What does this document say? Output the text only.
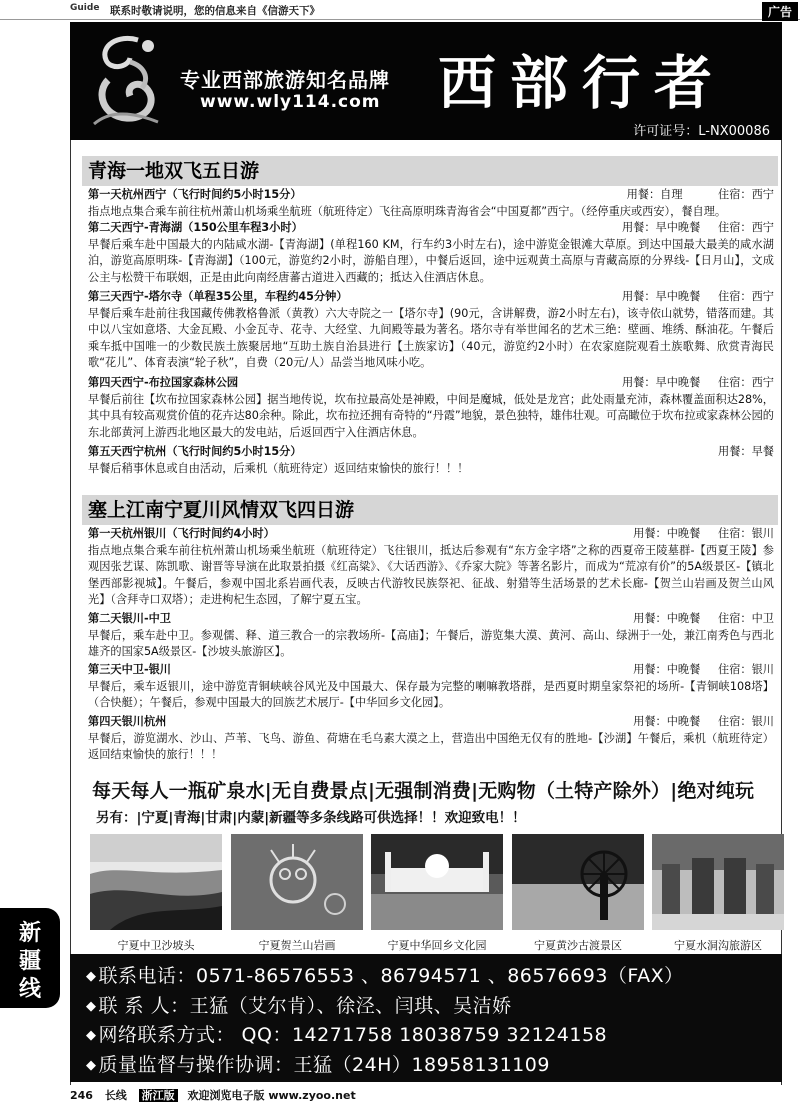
Guide 联系时敬请说明，您的信息来自《信游天下》	广告
专业西部旅游知名品牌
www.wly114.com 西部行者
许可证号：L-NX00086
青海一地双飞五日游
第一天杭州西宁（飞行时间约5小时15分）	用餐：自理          住宿：西宁
指点地点集合乘车前往杭州萧山机场乘坐航班（航班待定）飞往高原明珠青海省会“中国夏都”西宁。（经停重庆或西安），餐自理。
第二天西宁-青海湖（150公里车程3小时）	用餐：早中晚餐     住宿：西宁
早餐后乘车赴中国最大的内陆咸水湖-【青海湖】(单程160 KM，行车约3小时左右)，途中游览金银滩大草原。到达中国最大最美的咸水湖泊，游览高原明珠-【青海湖】（100元，游览约2小时，游船自理），中餐后返回，途中远观黄土高原与青藏高原的分界线-【日月山】，文成公主与松赞干布联姻，正是由此向南经唐蕃古道进入西藏的；抵达入住酒店休息。
第三天西宁-塔尔寺（单程35公里，车程约45分钟）	用餐：早中晚餐     住宿：西宁
早餐后乘车赴前往我国藏传佛教格鲁派（黄教）六大寺院之一【塔尔寺】(90元，含讲解费，游2小时左右)，该寺依山就势，错落而建。其中以八宝如意塔、大金瓦殿、小金瓦寺、花寺、大经堂、九间殿等最为著名。塔尔寺有举世闻名的艺术三绝：壁画、堆绣、酥油花。午餐后乘车抵中国唯一的少数民族土族聚居地“互助土族自治县进行【土族家访】（40元，游览约2小时）在农家庭院观看土族歌舞、欣赏青海民歌“花儿”、体育表演“轮子秋”，自费（20元/人）品尝当地风味小吃。
第四天西宁-布拉国家森林公园	用餐：早中晚餐     住宿：西宁
早餐后前往【坎布拉国家森林公园】据当地传说，坎布拉最高处是神殿，中间是魔城，低处是龙宫；此处雨量充沛，森林覆盖面积达28%，其中具有较高观赏价值的花卉达80余种。除此，坎布拉还拥有奇特的“丹霞”地貌，景色独特，雄伟壮观。可高瞰位于坎布拉或家森林公园的东北部黄河上游西北地区最大的发电站，后返回西宁入住酒店休息。
第五天西宁杭州（飞行时间约5小时15分）	用餐：早餐
早餐后稍事休息或自由活动，后乘机（航班待定）返回结束愉快的旅行！！！
塞上江南宁夏川风情双飞四日游
第一天杭州银川（飞行时间约4小时）	用餐：中晚餐     住宿：银川
指点地点集合乘车前往杭州萧山机场乘坐航班（航班待定）飞往银川，抵达后参观有“东方金字塔”之称的西夏帝王陵墓群-【西夏王陵】参观因张艺谋、陈凯歌、谢晋等导演在此取景拍摄《红高粱》、《大话西游》、《乔家大院》等著名影片，而成为“荒凉有价”的5A级景区-【镇北堡西部影视城】。午餐后，参观中国北系岩画代表，反映古代游牧民族祭祀、征战、射猎等生活场景的艺术长廊-【贺兰山岩画及贺兰山风光】（含拜寺口双塔）；走进枸杞生态园，了解宁夏五宝。
第二天银川-中卫	用餐：中晚餐     住宿：中卫
早餐后，乘车赴中卫。参观儒、释、道三教合一的宗教场所-【高庙】；午餐后，游览集大漠、黄河、高山、绿洲于一处，兼江南秀色与西北雄齐的国家5A级景区-【沙坡头旅游区】。
第三天中卫-银川	用餐：中晚餐     住宿：银川
早餐后，乘车返银川，途中游览青铜峡峡谷风光及中国最大、保存最为完整的喇嘛教塔群，是西夏时期皇家祭祀的场所-【青铜峡108塔】（合快艇）；午餐后，参观中国最大的回族艺术展厅-【中华回乡文化园】。
第四天银川杭州	用餐：中晚餐     住宿：银川
早餐后，游览湖水、沙山、芦苇、飞鸟、游鱼、荷塘在毛乌素大漠之上，营造出中国绝无仅有的胜地-【沙湖】午餐后，乘机（航班待定）返回结束愉快的旅行！！！
每天每人一瓶矿泉水|无自费景点|无强制消费|无购物（土特产除外）|绝对纯玩
另有：|宁夏|青海|甘肃|内蒙|新疆等多条线路可供选择！！欢迎致电！！
宁夏中卫沙坡头	宁夏贺兰山岩画	宁夏中华回乡文化园	宁夏黄沙古渡景区	宁夏水洞沟旅游区
◆ 联系电话：0571-86576553 、86794571 、86576693（FAX）
◆ 联 系 人：王猛（艾尔肯）、徐泾、闫琪、吴洁娇
◆ 网络联系方式： QQ：14271758 18038759 32124158
◆ 质量监督与操作协调：王猛（24H）18958131109
新
疆
线
246 长线 浙江版 欢迎浏览电子版 www.zyoo.net
